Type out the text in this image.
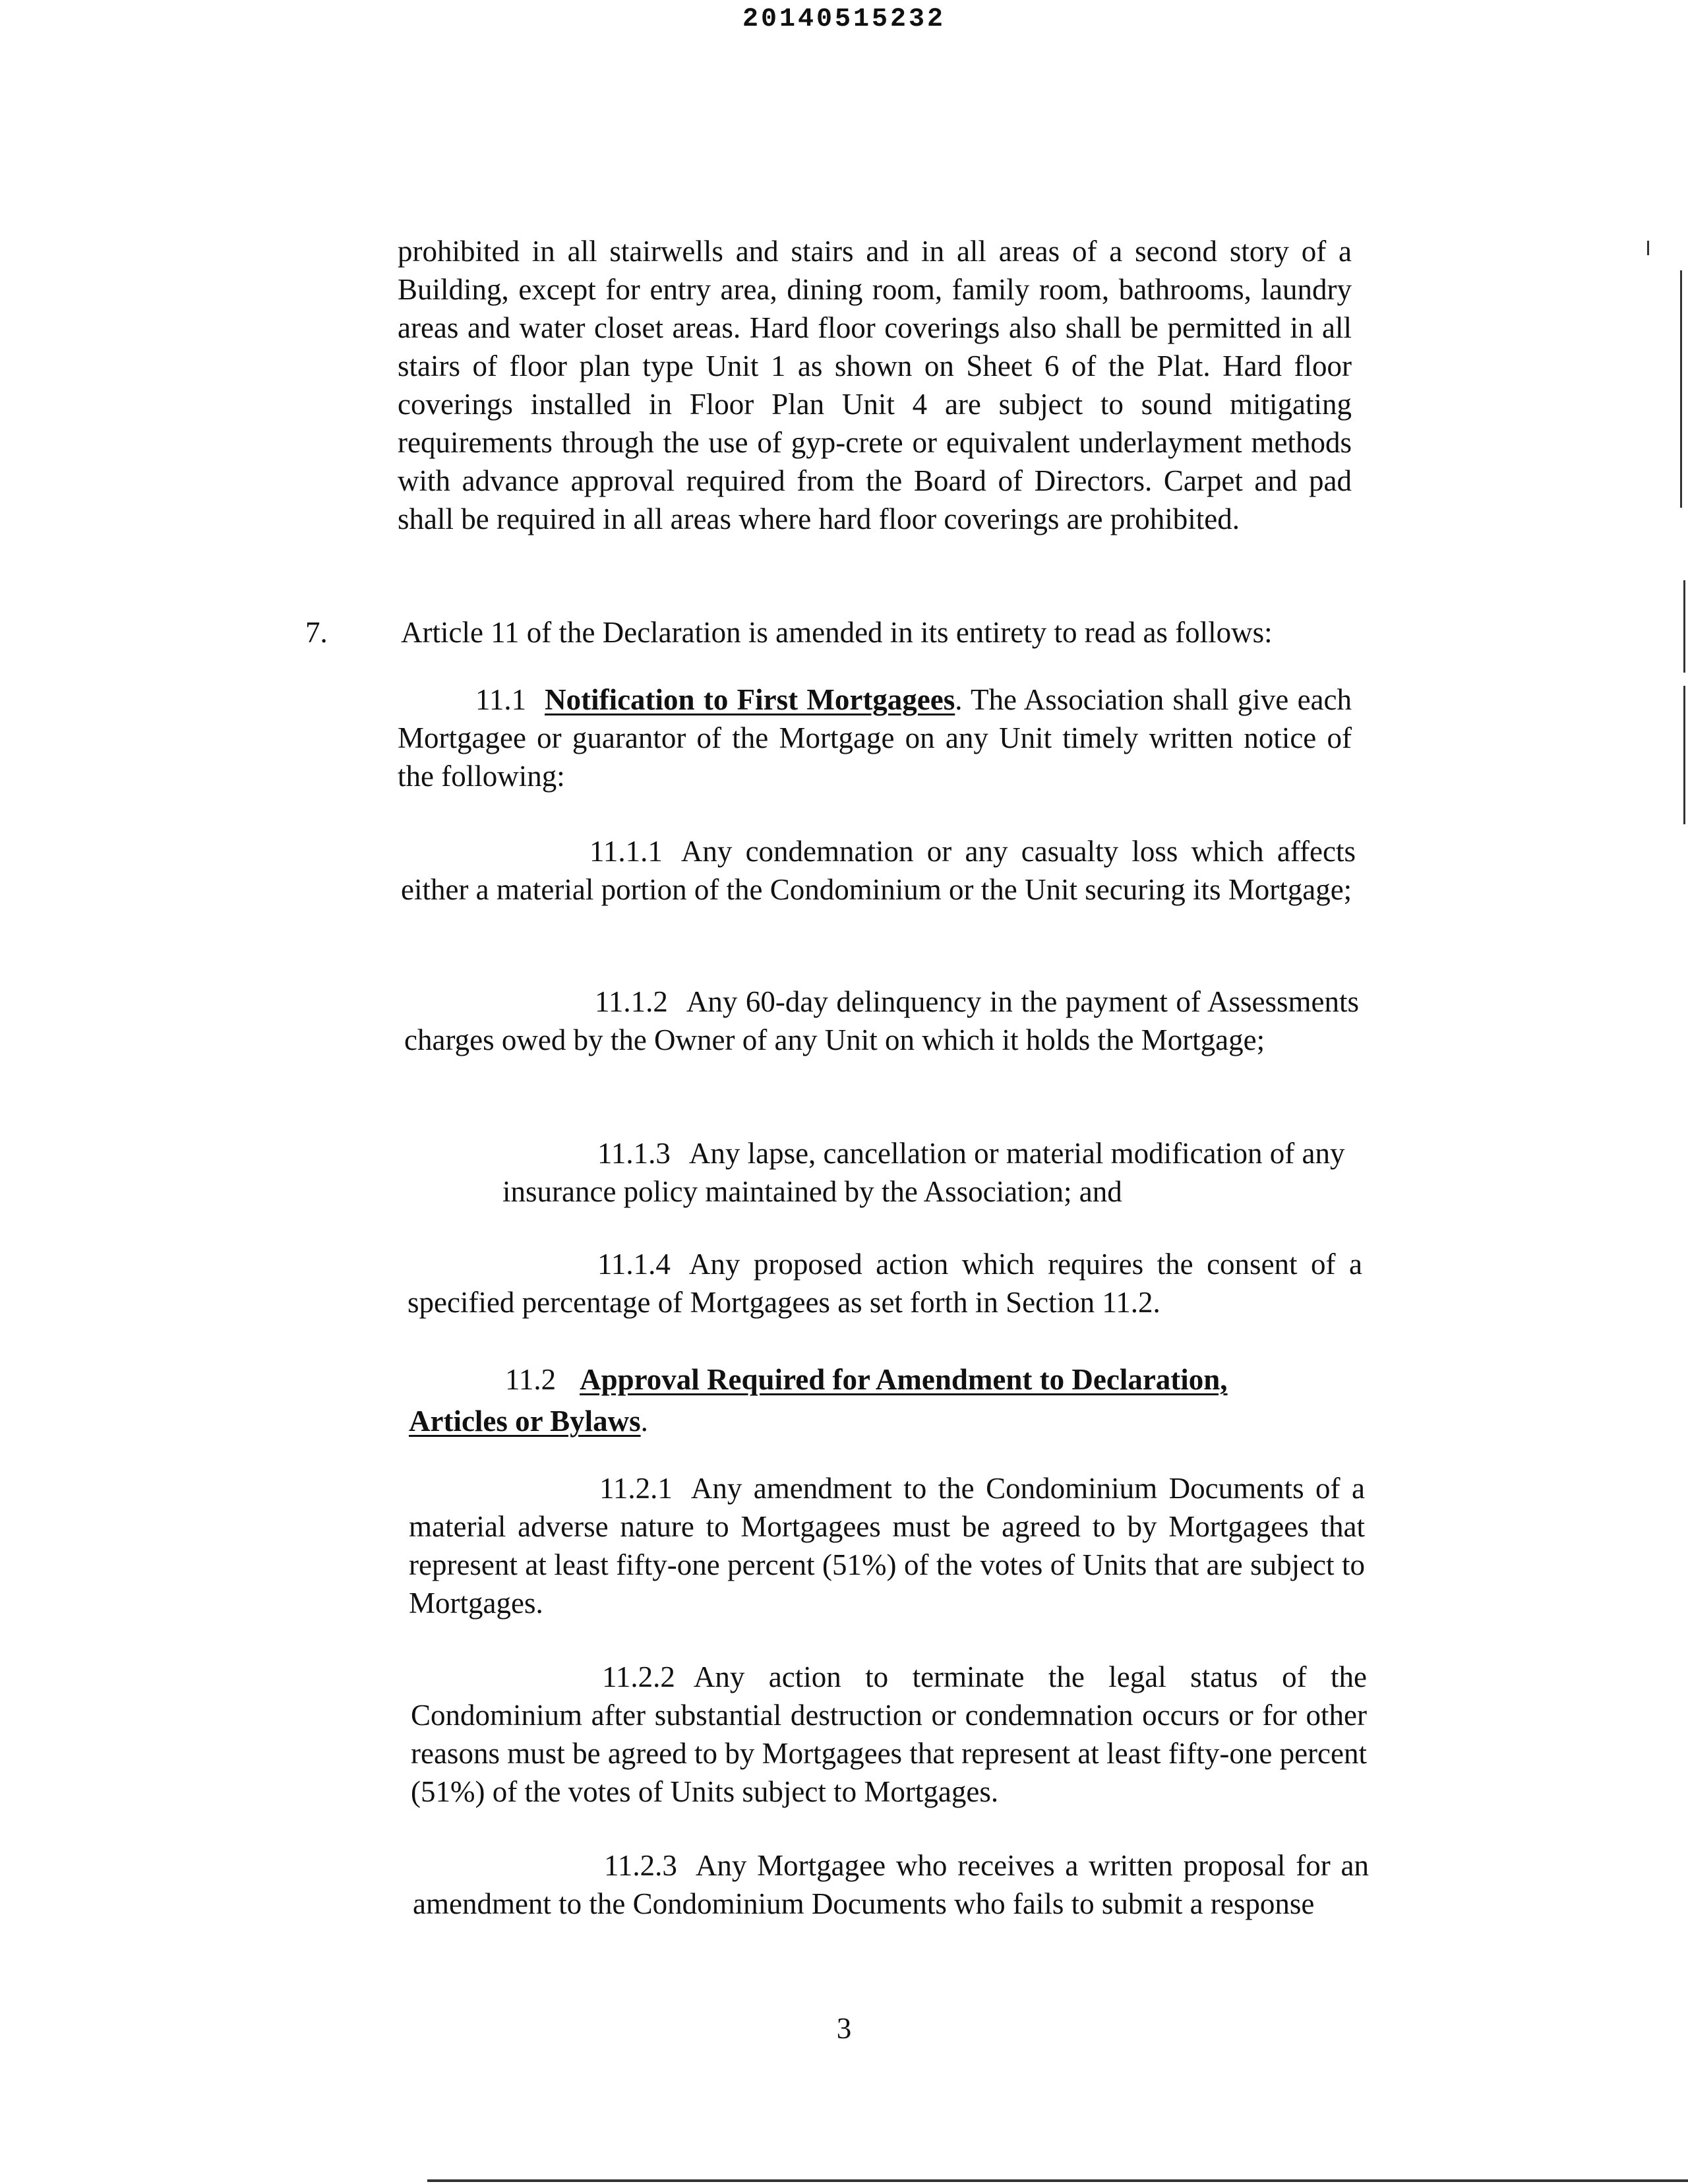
20140515232

prohibited in all stairwells and stairs and in all areas of a second story of a Building, except for entry area, dining room, family room, bathrooms, laundry areas and water closet areas. Hard floor coverings also shall be permitted in all stairs of floor plan type Unit 1 as shown on Sheet 6 of the Plat. Hard floor coverings installed in Floor Plan Unit 4 are subject to sound mitigating requirements through the use of gyp-crete or equivalent underlayment methods with advance approval required from the Board of Directors. Carpet and pad shall be required in all areas where hard floor coverings are prohibited.

7. Article 11 of the Declaration is amended in its entirety to read as follows:

11.1 Notification to First Mortgagees. The Association shall give each Mortgagee or guarantor of the Mortgage on any Unit timely written notice of the following:

11.1.1 Any condemnation or any casualty loss which affects either a material portion of the Condominium or the Unit securing its Mortgage;

11.1.2 Any 60-day delinquency in the payment of Assessments charges owed by the Owner of any Unit on which it holds the Mortgage;

11.1.3 Any lapse, cancellation or material modification of any

insurance policy maintained by the Association; and

11.1.4 Any proposed action which requires the consent of a specified percentage of Mortgagees as set forth in Section 11.2.

11.2 Approval Required for Amendment to Declaration,

Articles or Bylaws.

11.2.1 Any amendment to the Condominium Documents of a material adverse nature to Mortgagees must be agreed to by Mortgagees that represent at least fifty-one percent (51%) of the votes of Units that are subject to Mortgages.

11.2.2 Any action to terminate the legal status of the Condominium after substantial destruction or condemnation occurs or for other reasons must be agreed to by Mortgagees that represent at least fifty-one percent (51%) of the votes of Units subject to Mortgages.

11.2.3 Any Mortgagee who receives a written proposal for an amendment to the Condominium Documents who fails to submit a response

3
